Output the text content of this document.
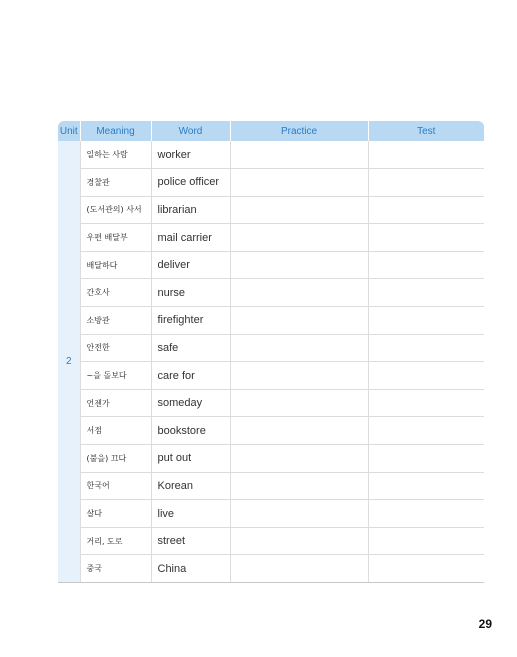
Unit	Meaning	Word	Practice	Test
2	일하는 사람	worker		
	경찰관	police officer		
	(도서관의) 사서	librarian		
	우편 배달부	mail carrier		
	배달하다	deliver		
	간호사	nurse		
	소방관	firefighter		
	안전한	safe		
	~을 돌보다	care for		
	언젠가	someday		
	서점	bookstore		
	(불을) 끄다	put out		
	한국어	Korean		
	살다	live		
	거리, 도로	street		
	중국	China		
29
